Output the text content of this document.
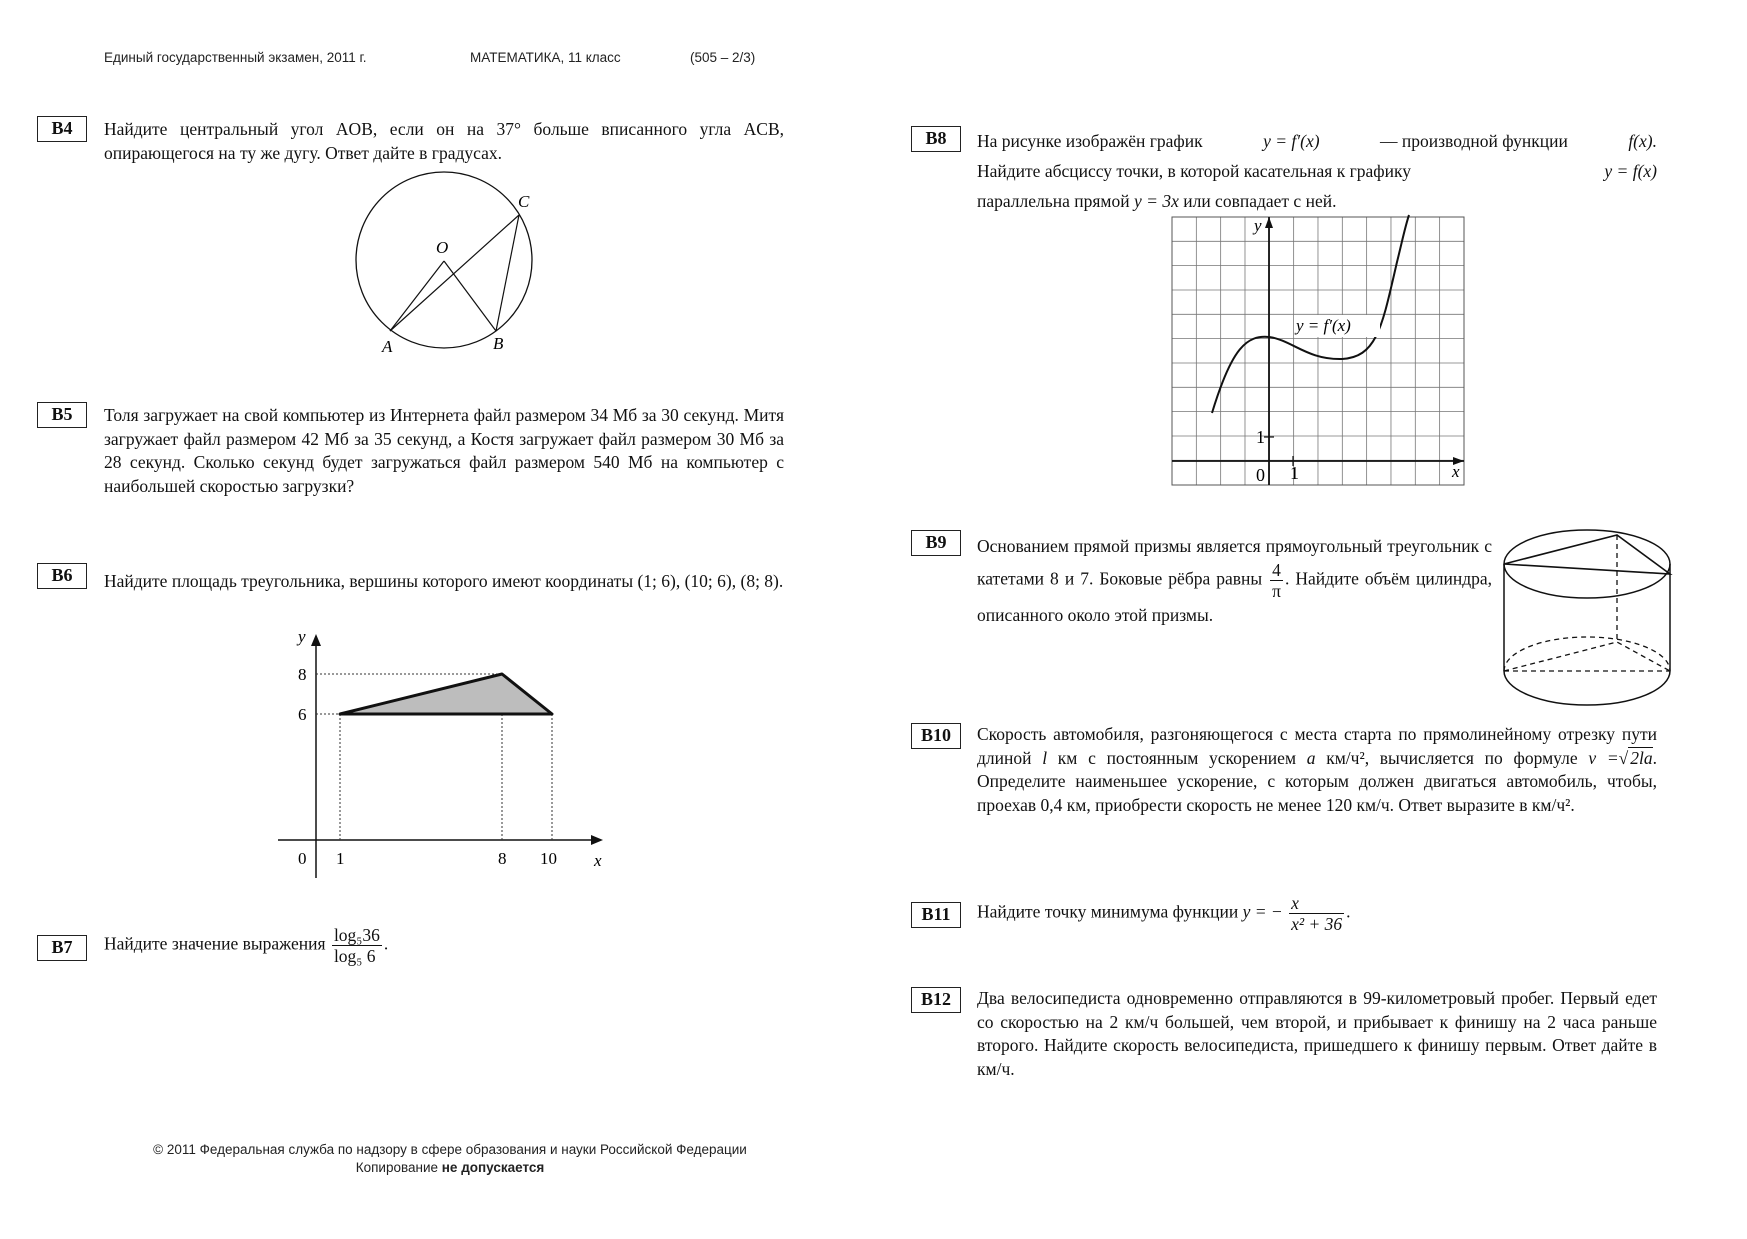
Единый государственный экзамен, 2011 г.	МАТЕМАТИКА, 11 класс	(505 – 2/3)
B4	Найдите центральный угол AOB, если он на 37° больше вписанного угла ACB, опирающегося на ту же дугу. Ответ дайте в градусах.
O
C
A	B
B5	Толя загружает на свой компьютер из Интернета файл размером 34 Мб за 30 секунд. Митя загружает файл размером 42 Мб за 35 секунд, а Костя загружает файл размером 30 Мб за 28 секунд. Сколько секунд будет загружаться файл размером 540 Мб на компьютер с наибольшей скоростью загрузки?
B6	Найдите площадь треугольника, вершины которого имеют координаты (1; 6), (10; 6), (8; 8).
y
x
0 1	8 10
8
6
B7	Найдите значение выражения $\frac{\text{log₅36}}{\text{log₅ 6}}$ .
B8	На рисунке изображён график	y = f′(x)	— производной функции	f(x).
Найдите абсциссу точки, в которой касательная к графику	y = f(x)
параллельна прямой y = 3x или совпадает с ней.
y = f′(x)
y
x
0
1
1
B9	Основанием прямой призмы является прямоугольный треугольник с катетами 8 и 7. Боковые рёбра равны $\frac{4}{\pi}$ . Найдите объём цилиндра, описанного около этой призмы.
B10	Скорость автомобиля, разгоняющегося с места старта по прямолинейному отрезку пути длиной l км с постоянным ускорением a км/ч², вычисляется по формуле v =√ 2la. Определите наименьшее ускорение, с которым должен двигаться автомобиль, чтобы, проехав 0,4 км, приобрести скорость не менее 120 км/ч. Ответ выразите в км/ч².
B11	Найдите точку минимума функции y = − $\frac{x}{\text{x² + 36}}$ .
B12	Два велосипедиста одновременно отправляются в 99-километровый пробег. Первый едет со скоростью на 2 км/ч большей, чем второй, и прибывает к финишу на 2 часа раньше второго. Найдите скорость велосипедиста, пришедшего к финишу первым. Ответ дайте в км/ч.
© 2011 Федеральная служба по надзору в сфере образования и науки Российской Федерации
Копирование не допускается
